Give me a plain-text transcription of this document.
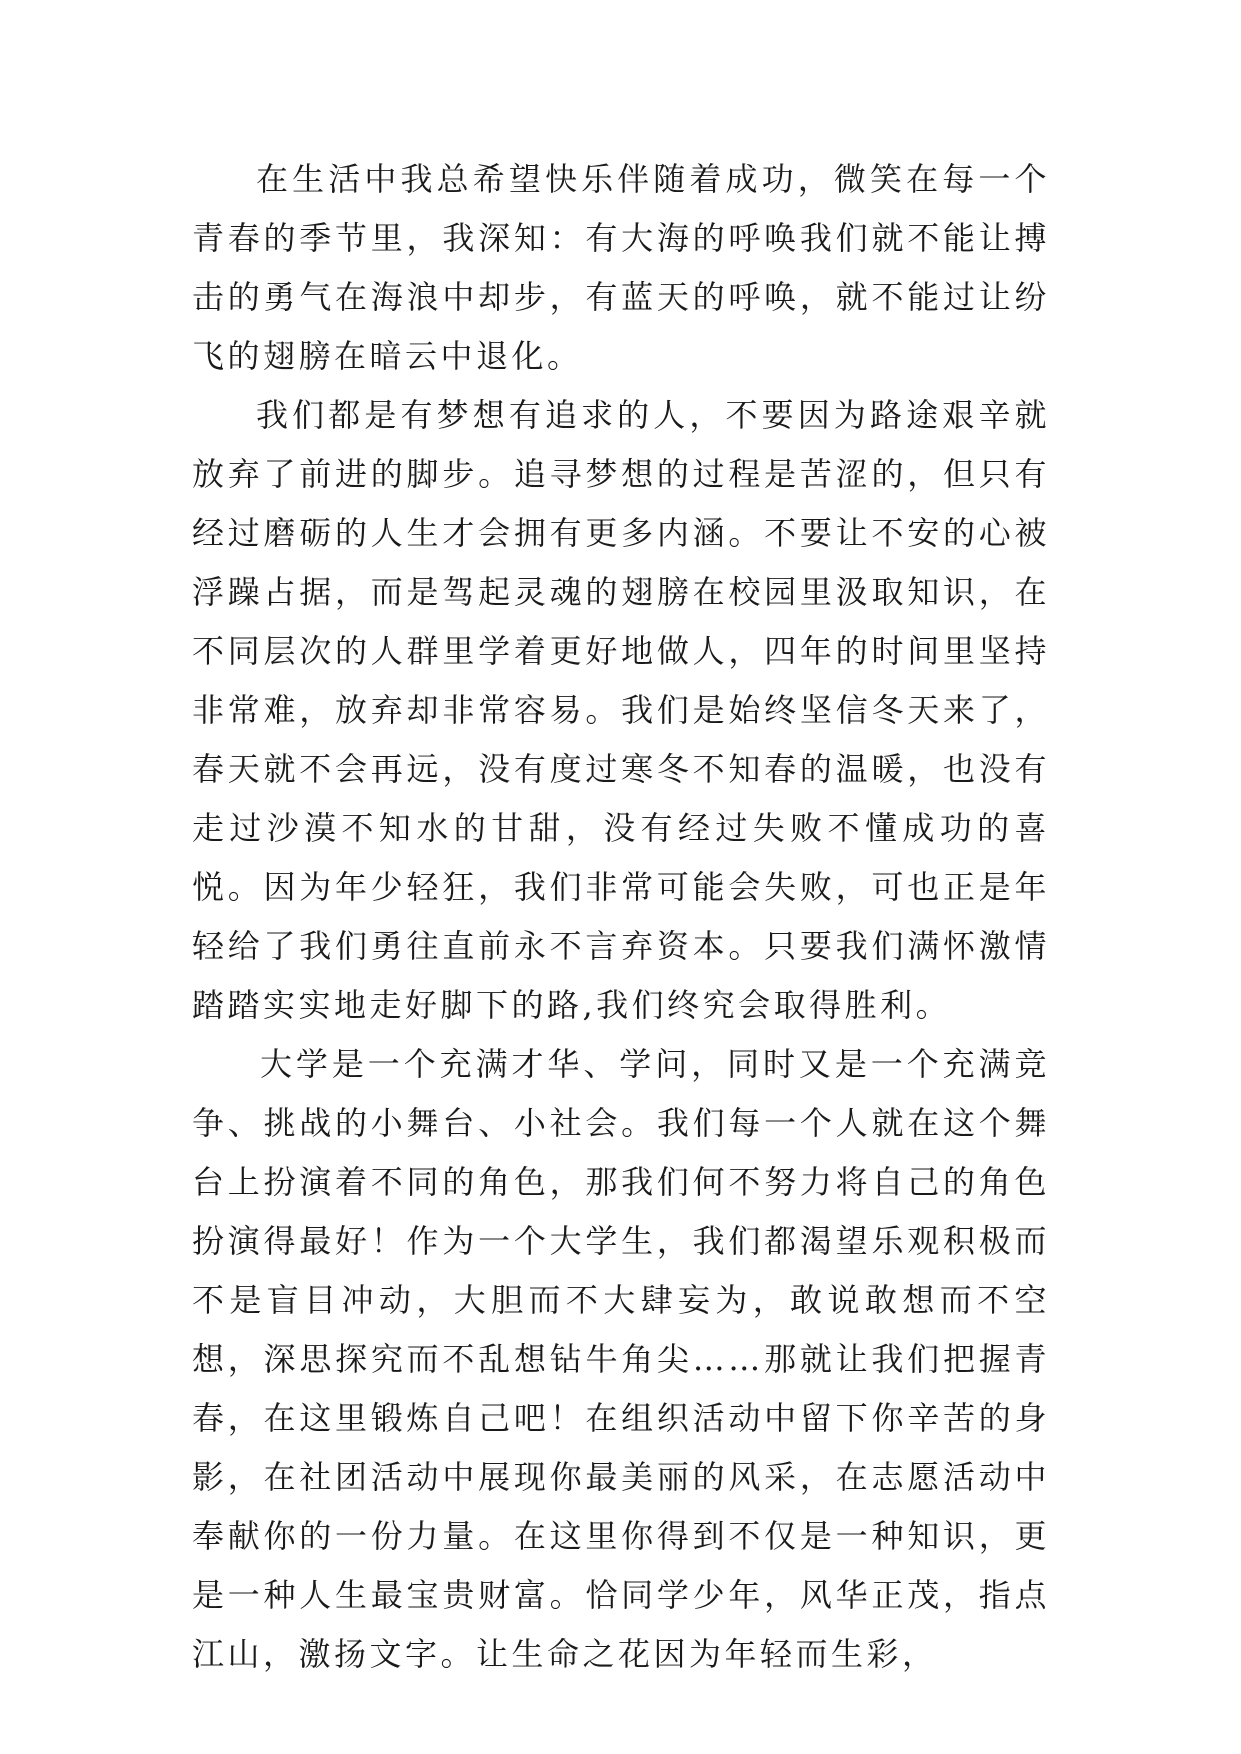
在生活中我总希望快乐伴随着成功，微笑在每一个青春的季节里，我深知：有大海的呼唤我们就不能让搏击的勇气在海浪中却步，有蓝天的呼唤，就不能过让纷飞的翅膀在暗云中退化。

我们都是有梦想有追求的人，不要因为路途艰辛就放弃了前进的脚步。追寻梦想的过程是苦涩的，但只有经过磨砺的人生才会拥有更多内涵。不要让不安的心被浮躁占据，而是驾起灵魂的翅膀在校园里汲取知识，在不同层次的人群里学着更好地做人，四年的时间里坚持非常难，放弃却非常容易。我们是始终坚信冬天来了，春天就不会再远，没有度过寒冬不知春的温暖，也没有走过沙漠不知水的甘甜，没有经过失败不懂成功的喜悦。因为年少轻狂，我们非常可能会失败，可也正是年轻给了我们勇往直前永不言弃资本。只要我们满怀激情踏踏实实地走好脚下的路,我们终究会取得胜利。

大学是一个充满才华、学问，同时又是一个充满竞争、挑战的小舞台、小社会。我们每一个人就在这个舞台上扮演着不同的角色，那我们何不努力将自己的角色扮演得最好！作为一个大学生，我们都渴望乐观积极而不是盲目冲动，大胆而不大肆妄为，敢说敢想而不空想，深思探究而不乱想钻牛角尖……那就让我们把握青春，在这里锻炼自己吧！在组织活动中留下你辛苦的身影，在社团活动中展现你最美丽的风采，在志愿活动中奉献你的一份力量。在这里你得到不仅是一种知识，更是一种人生最宝贵财富。恰同学少年，风华正茂，指点江山，激扬文字。让生命之花因为年轻而生彩，
